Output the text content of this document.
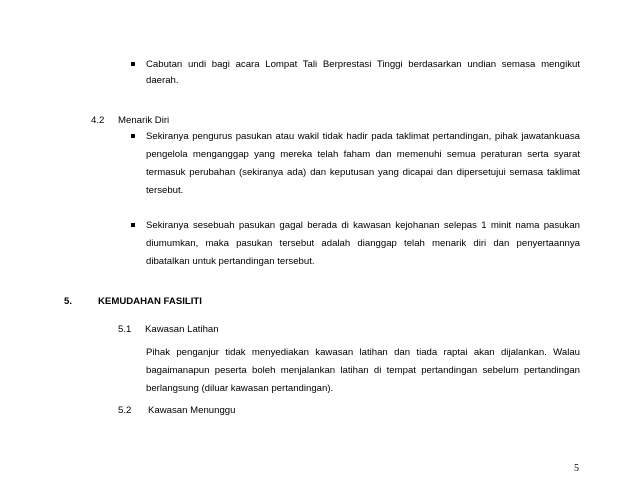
Cabutan undi bagi acara Lompat Tali Berprestasi Tinggi berdasarkan undian semasa mengikut
daerah.
4.2 Menarik Diri
Sekiranya pengurus pasukan atau wakil tidak hadir pada taklimat pertandingan, pihak jawatankuasa
pengelola menganggap yang mereka telah faham dan memenuhi semua peraturan serta syarat
termasuk perubahan (sekiranya ada) dan keputusan yang dicapai dan dipersetujui semasa taklimat
tersebut.
Sekiranya sesebuah pasukan gagal berada di kawasan kejohanan selepas 1 minit nama pasukan
diumumkan, maka pasukan tersebut adalah dianggap telah menarik diri dan penyertaannya
dibatalkan untuk pertandingan tersebut.
5.	KEMUDAHAN FASILITI
5.1 Kawasan Latihan
Pihak penganjur tidak menyediakan kawasan latihan dan tiada raptai akan dijalankan. Walau
bagaimanapun peserta boleh menjalankan latihan di tempat pertandingan sebelum pertandingan
berlangsung (diluar kawasan pertandingan).
5.2 Kawasan Menunggu
5
